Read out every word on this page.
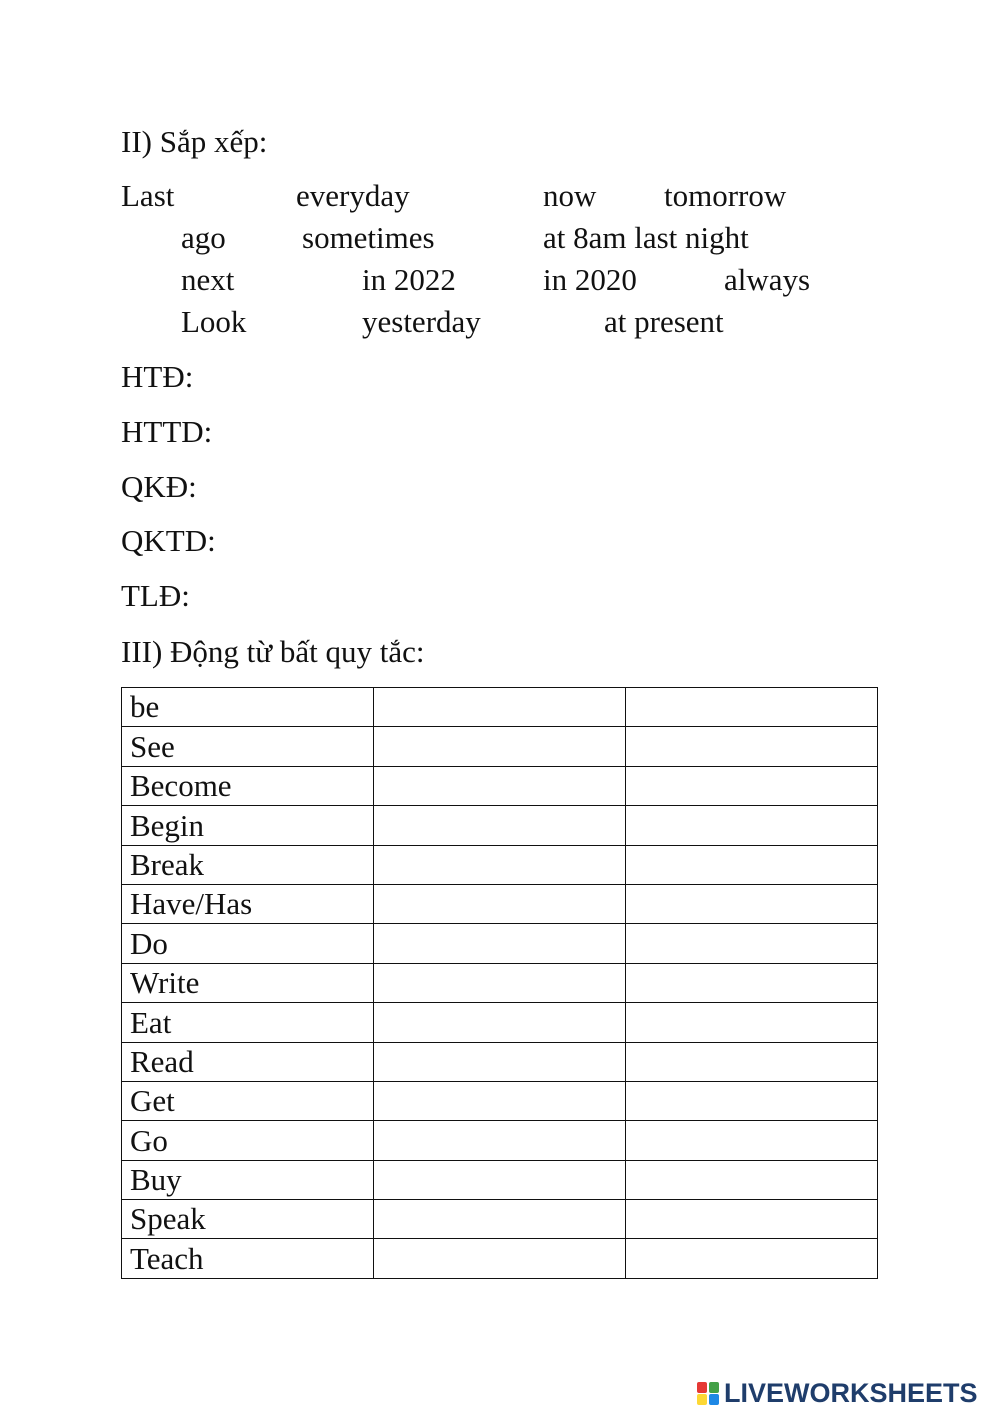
II) Sắp xếp:
Last	everyday	now tomorrow
ago sometimes	at 8am last night
next	in 2022	in 2020	always
Look	yesterday	at present
HTĐ:
HTTD:
QKĐ:
QKTD:
TLĐ:
III) Động từ bất quy tắc:
be		
See		
Become		
Begin		
Break		
Have/Has		
Do		
Write		
Eat		
Read		
Get		
Go		
Buy		
Speak		
Teach		
LIVEWORKSHEETS
